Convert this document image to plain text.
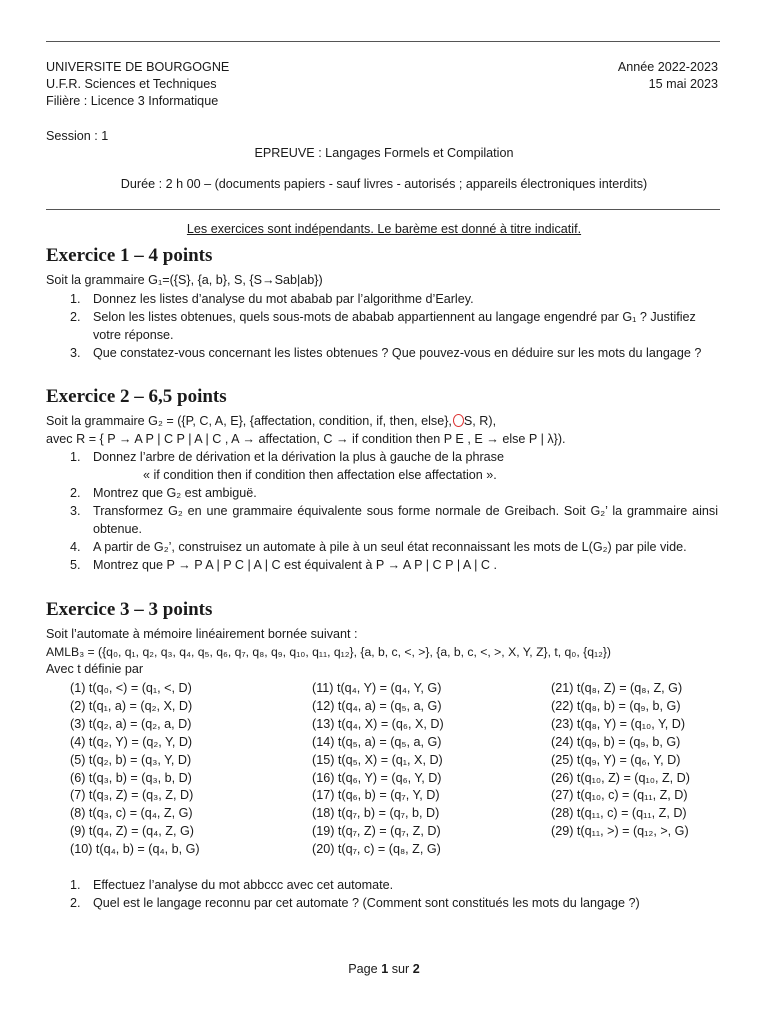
UNIVERSITE DE BOURGOGNE
U.F.R. Sciences et Techniques
Filière : Licence 3 Informatique
Année 2022-2023
15 mai 2023
Session : 1
EPREUVE : Langages Formels et Compilation
Durée : 2 h 00 – (documents papiers - sauf livres - autorisés ; appareils électroniques interdits)
Les exercices sont indépendants. Le barème est donné à titre indicatif.
Exercice 1 – 4 points
Soit la grammaire G₁=({S}, {a, b}, S, {S→Sab|ab})
1. Donnez les listes d’analyse du mot ababab par l’algorithme d’Earley.
2. Selon les listes obtenues, quels sous-mots de ababab appartiennent au langage engendré par G₁ ? Justifiez votre réponse.
3. Que constatez-vous concernant les listes obtenues ? Que pouvez-vous en déduire sur les mots du langage ?
Exercice 2 – 6,5 points
Soit la grammaire G₂ = ({P, C, A, E}, {affectation, condition, if, then, else}, S, R),
avec R = { P → A P | C P | A | C , A → affectation, C → if condition then P E , E → else P | λ}).
1. Donnez l’arbre de dérivation et la dérivation la plus à gauche de la phrase
« if condition then if condition then affectation else affectation ».
2. Montrez que G₂ est ambiguë.
3. Transformez G₂ en une grammaire équivalente sous forme normale de Greibach. Soit G₂’ la grammaire ainsi obtenue.
4. A partir de G₂’, construisez un automate à pile à un seul état reconnaissant les mots de L(G₂) par pile vide.
5. Montrez que P → P A | P C | A | C est équivalent à P → A P | C P | A | C .
Exercice 3 – 3 points
Soit l’automate à mémoire linéairement bornée suivant :
AMLB₃ = ({q₀, q₁, q₂, q₃, q₄, q₅, q₆, q₇, q₈, q₉, q₁₀, q₁₁, q₁₂}, {a, b, c, <, >}, {a, b, c, <, >, X, Y, Z}, t, q₀, {q₁₂})
Avec t définie par
(1) t(q₀, <) = (q₁, <, D)
(2) t(q₁, a) = (q₂, X, D)
(3) t(q₂, a) = (q₂, a, D)
(4) t(q₂, Y) = (q₂, Y, D)
(5) t(q₂, b) = (q₃, Y, D)
(6) t(q₃, b) = (q₃, b, D)
(7) t(q₃, Z) = (q₃, Z, D)
(8) t(q₃, c) = (q₄, Z, G)
(9) t(q₄, Z) = (q₄, Z, G)
(10) t(q₄, b) = (q₄, b, G)
(11) t(q₄, Y) = (q₄, Y, G)
(12) t(q₄, a) = (q₅, a, G)
(13) t(q₄, X) = (q₆, X, D)
(14) t(q₅, a) = (q₅, a, G)
(15) t(q₅, X) = (q₁, X, D)
(16) t(q₆, Y) = (q₆, Y, D)
(17) t(q₆, b) = (q₇, Y, D)
(18) t(q₇, b) = (q₇, b, D)
(19) t(q₇, Z) = (q₇, Z, D)
(20) t(q₇, c) = (q₈, Z, G)
(21) t(q₈, Z) = (q₈, Z, G)
(22) t(q₈, b) = (q₉, b, G)
(23) t(q₈, Y) = (q₁₀, Y, D)
(24) t(q₉, b) = (q₉, b, G)
(25) t(q₉, Y) = (q₆, Y, D)
(26) t(q₁₀, Z) = (q₁₀, Z, D)
(27) t(q₁₀, c) = (q₁₁, Z, D)
(28) t(q₁₁, c) = (q₁₁, Z, D)
(29) t(q₁₁, >) = (q₁₂, >, G)
1. Effectuez l’analyse du mot abbccc avec cet automate.
2. Quel est le langage reconnu par cet automate ? (Comment sont constitués les mots du langage ?)
Page 1 sur 2
